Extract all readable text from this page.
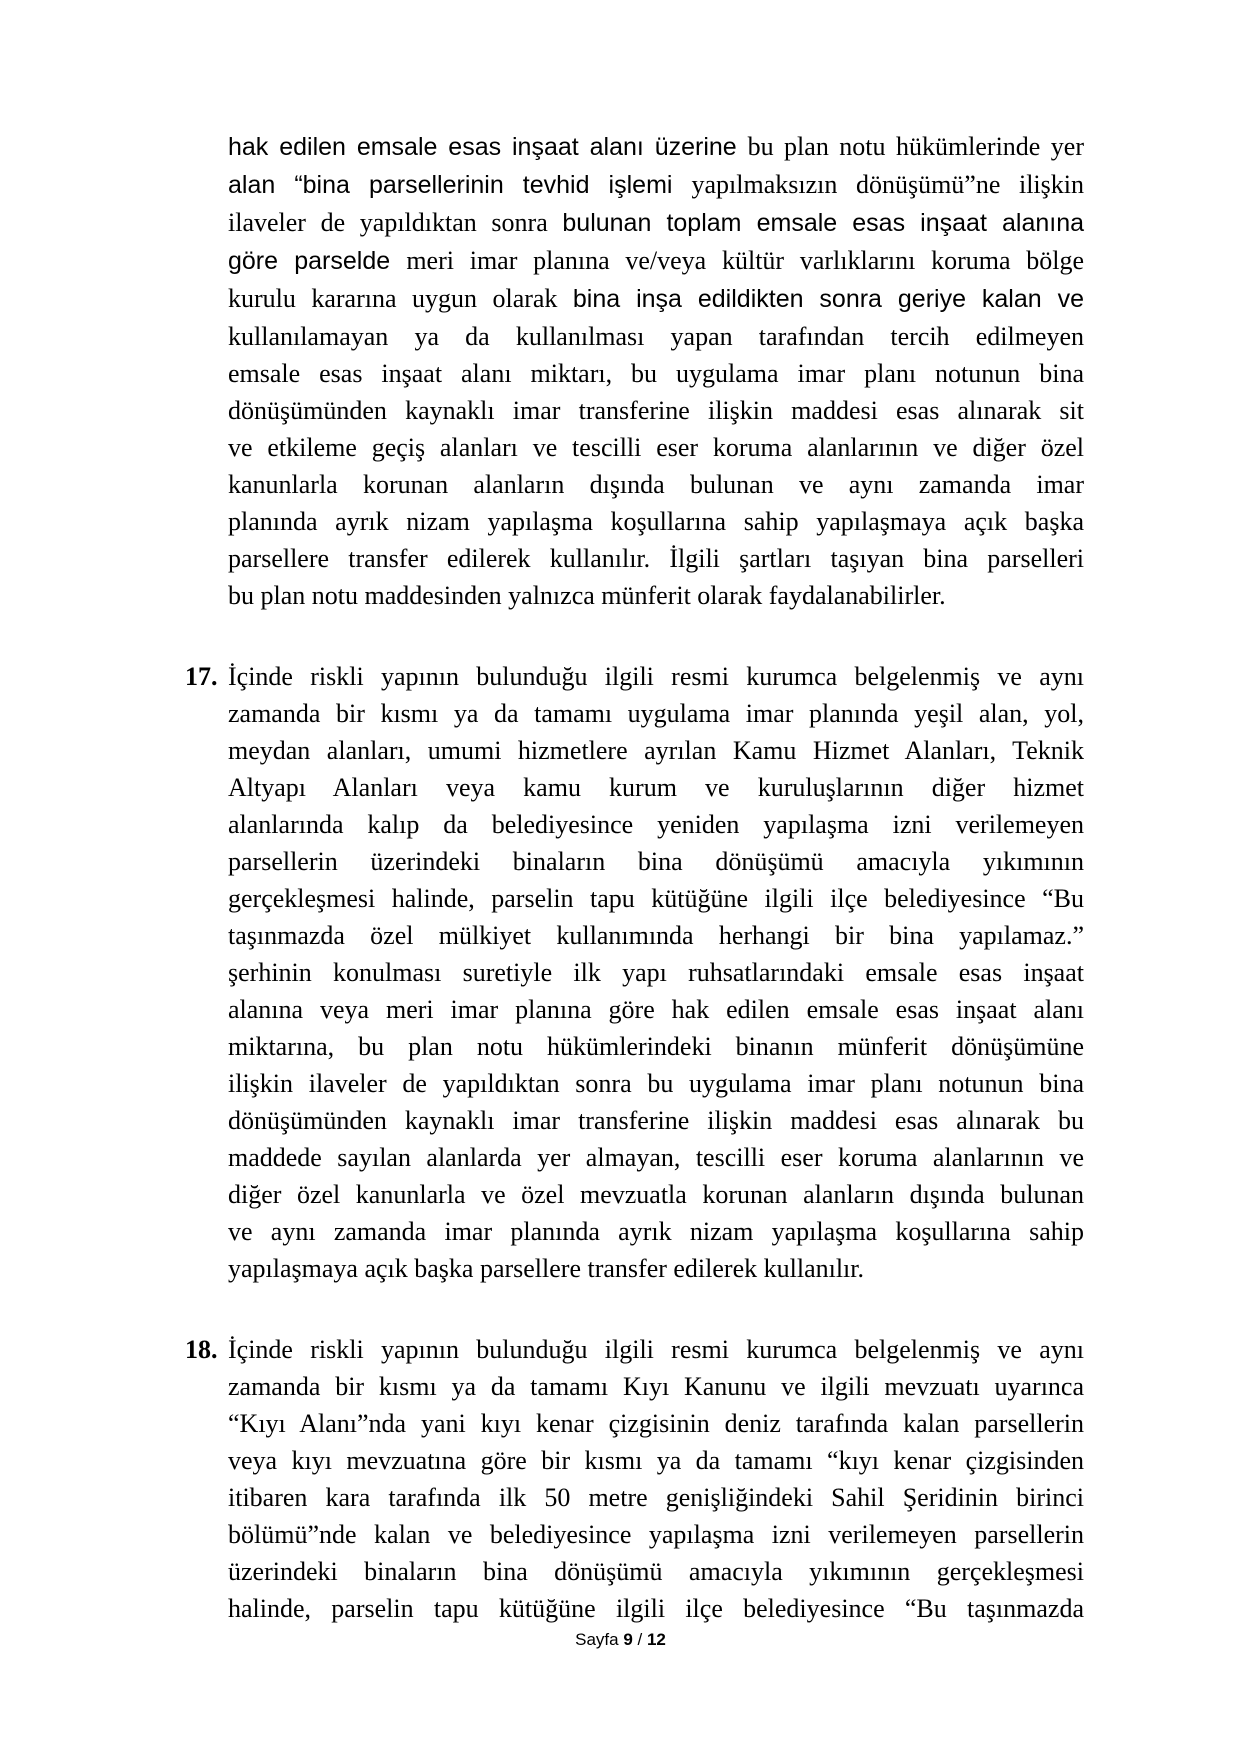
hak edilen emsale esas inşaat alanı üzerine bu plan notu hükümlerinde yer
alan “bina parsellerinin tevhid işlemi yapılmaksızın dönüşümü”ne ilişkin
ilaveler de yapıldıktan sonra bulunan toplam emsale esas inşaat alanına
göre parselde meri imar planına ve/veya kültür varlıklarını koruma bölge
kurulu kararına uygun olarak bina inşa edildikten sonra geriye kalan ve
kullanılamayan ya da kullanılması yapan tarafından tercih edilmeyen
emsale esas inşaat alanı miktarı, bu uygulama imar planı notunun bina
dönüşümünden kaynaklı imar transferine ilişkin maddesi esas alınarak sit
ve etkileme geçiş alanları ve tescilli eser koruma alanlarının ve diğer özel
kanunlarla korunan alanların dışında bulunan ve aynı zamanda imar
planında ayrık nizam yapılaşma koşullarına sahip yapılaşmaya açık başka
parsellere transfer edilerek kullanılır. İlgili şartları taşıyan bina parselleri
bu plan notu maddesinden yalnızca münferit olarak faydalanabilirler.
17. İçinde riskli yapının bulunduğu ilgili resmi kurumca belgelenmiş ve aynı
zamanda bir kısmı ya da tamamı uygulama imar planında yeşil alan, yol,
meydan alanları, umumi hizmetlere ayrılan Kamu Hizmet Alanları, Teknik
Altyapı Alanları veya kamu kurum ve kuruluşlarının diğer hizmet
alanlarında kalıp da belediyesince yeniden yapılaşma izni verilemeyen
parsellerin üzerindeki binaların bina dönüşümü amacıyla yıkımının
gerçekleşmesi halinde, parselin tapu kütüğüne ilgili ilçe belediyesince “Bu
taşınmazda özel mülkiyet kullanımında herhangi bir bina yapılamaz.”
şerhinin konulması suretiyle ilk yapı ruhsatlarındaki emsale esas inşaat
alanına veya meri imar planına göre hak edilen emsale esas inşaat alanı
miktarına, bu plan notu hükümlerindeki binanın münferit dönüşümüne
ilişkin ilaveler de yapıldıktan sonra bu uygulama imar planı notunun bina
dönüşümünden kaynaklı imar transferine ilişkin maddesi esas alınarak bu
maddede sayılan alanlarda yer almayan, tescilli eser koruma alanlarının ve
diğer özel kanunlarla ve özel mevzuatla korunan alanların dışında bulunan
ve aynı zamanda imar planında ayrık nizam yapılaşma koşullarına sahip
yapılaşmaya açık başka parsellere transfer edilerek kullanılır.
18. İçinde riskli yapının bulunduğu ilgili resmi kurumca belgelenmiş ve aynı
zamanda bir kısmı ya da tamamı Kıyı Kanunu ve ilgili mevzuatı uyarınca
“Kıyı Alanı”nda yani kıyı kenar çizgisinin deniz tarafında kalan parsellerin
veya kıyı mevzuatına göre bir kısmı ya da tamamı “kıyı kenar çizgisinden
itibaren kara tarafında ilk 50 metre genişliğindeki Sahil Şeridinin birinci
bölümü”nde kalan ve belediyesince yapılaşma izni verilemeyen parsellerin
üzerindeki binaların bina dönüşümü amacıyla yıkımının gerçekleşmesi
halinde, parselin tapu kütüğüne ilgili ilçe belediyesince “Bu taşınmazda
Sayfa 9 / 12
